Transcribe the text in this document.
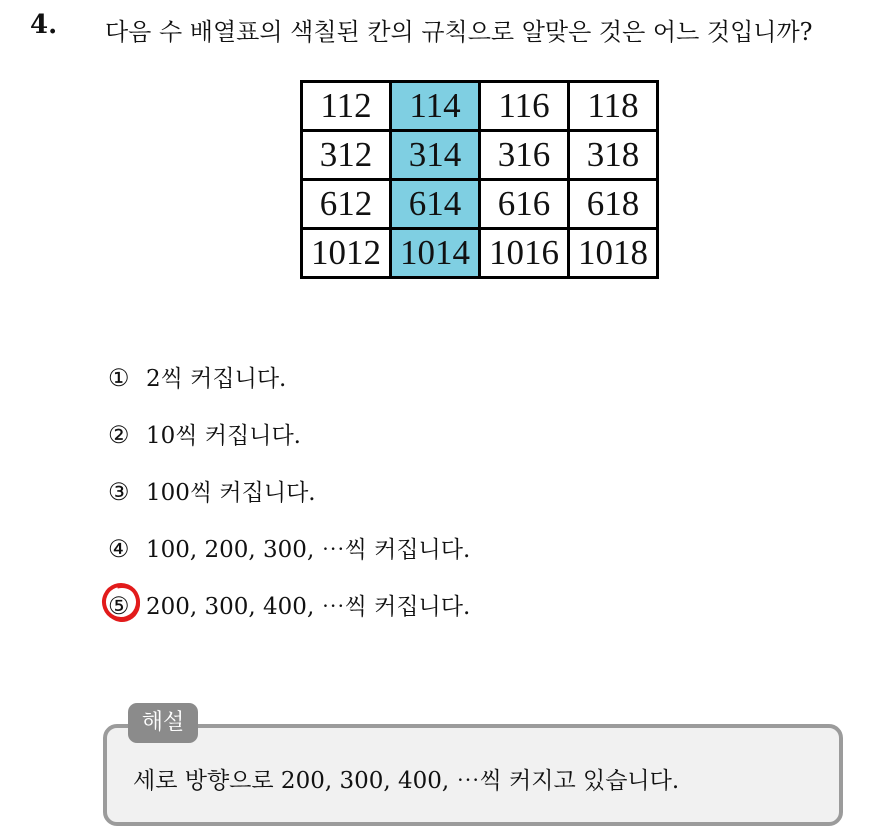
4. 다음 수 배열표의 색칠된 칸의 규칙으로 알맞은 것은 어느 것입니까?
112	114	116	118
312	314	316	318
612	614	616	618
1012	1014	1016	1018
① 2씩 커집니다.
② 10씩 커집니다.
③ 100씩 커집니다.
④ 100, 200, 300, ⋯씩 커집니다.
⑤ 200, 300, 400, ⋯씩 커집니다.
세로 방향으로 200, 300, 400, ⋯씩 커지고 있습니다.
해설
